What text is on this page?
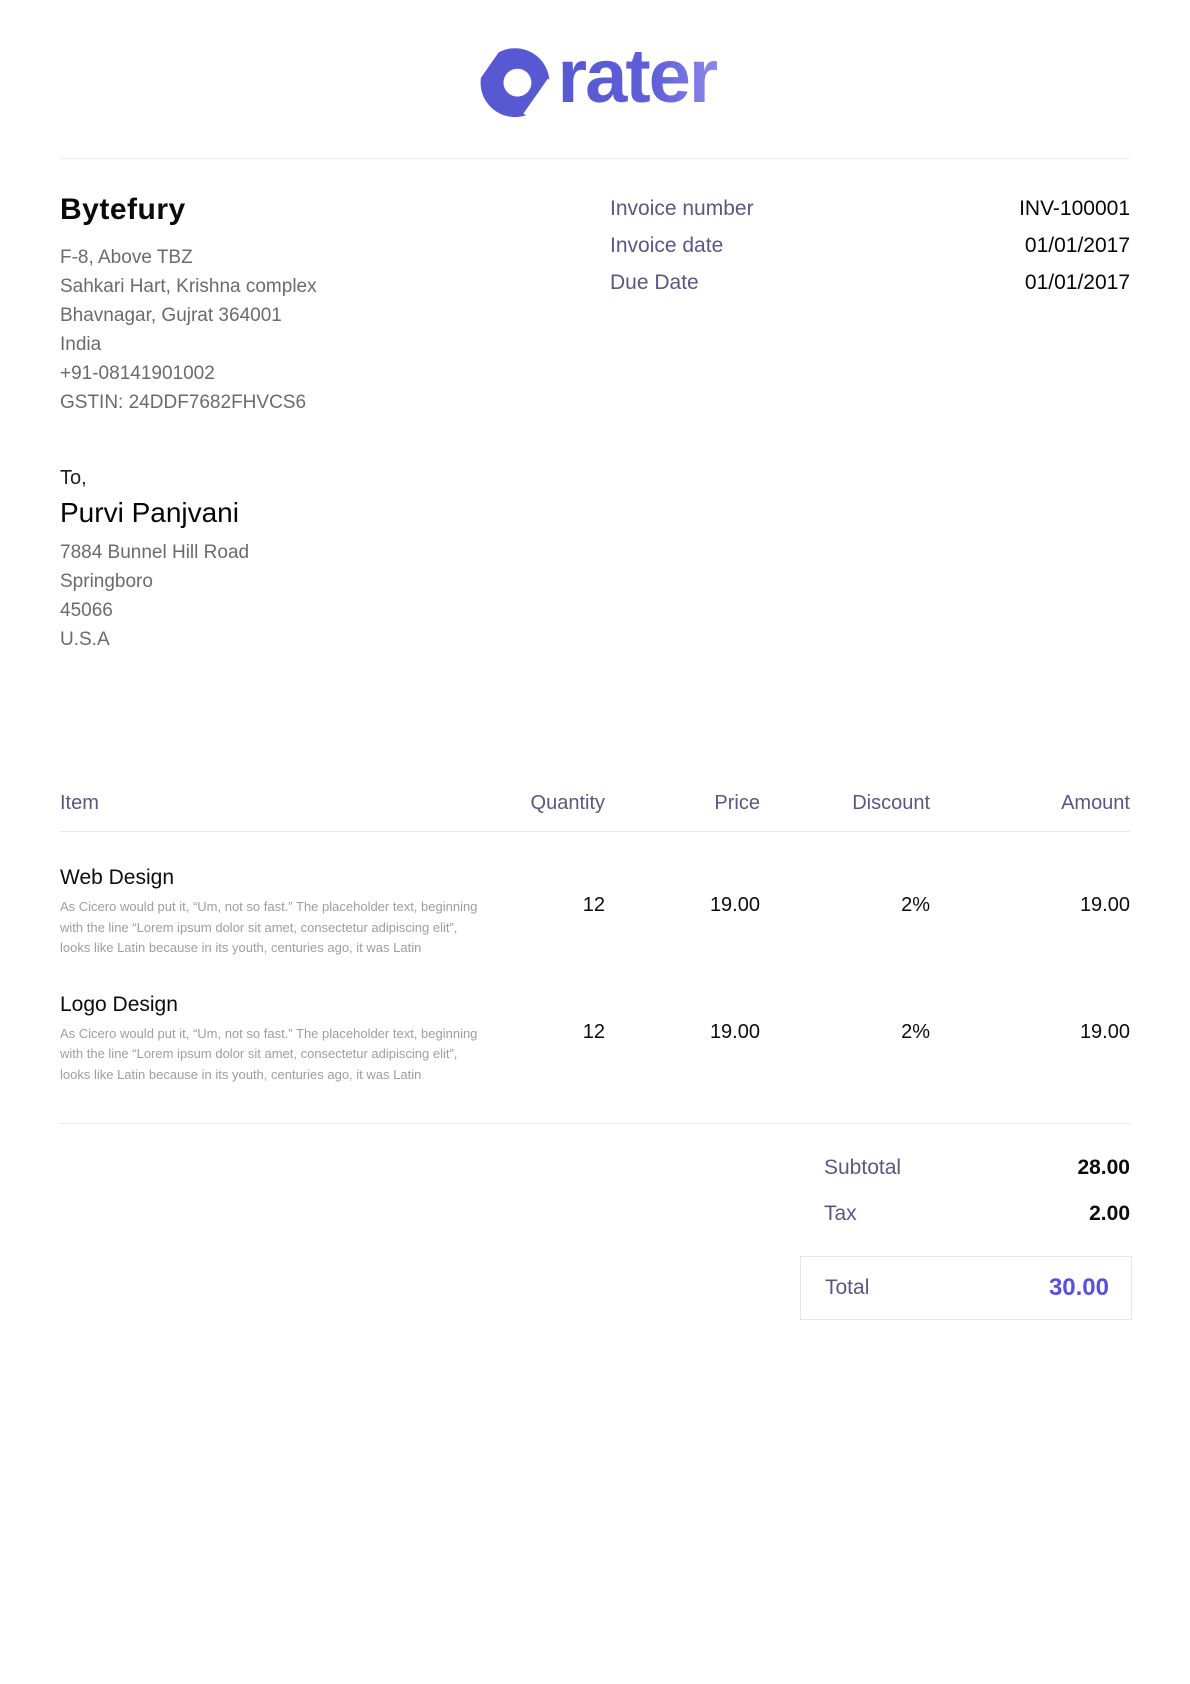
rater
Bytefury
F-8, Above TBZ
Sahkari Hart, Krishna complex
Bhavnagar, Gujrat 364001
India
+91-08141901002
GSTIN: 24DDF7682FHVCS6
Invoice number	INV-100001
Invoice date	01/01/2017
Due Date	01/01/2017
To,
Purvi Panjvani
7884 Bunnel Hill Road
Springboro
45066
U.S.A
Item	Quantity	Price	Discount	Amount
Web Design
As Cicero would put it, “Um, not so fast.” The placeholder text, beginning with the line “Lorem ipsum dolor sit amet, consectetur adipiscing elit”, looks like Latin because in its youth, centuries ago, it was Latin
12	19.00	2%	19.00
Logo Design
As Cicero would put it, “Um, not so fast.” The placeholder text, beginning with the line “Lorem ipsum dolor sit amet, consectetur adipiscing elit”, looks like Latin because in its youth, centuries ago, it was Latin
12	19.00	2%	19.00
Subtotal	28.00
Tax	2.00
Total	30.00
